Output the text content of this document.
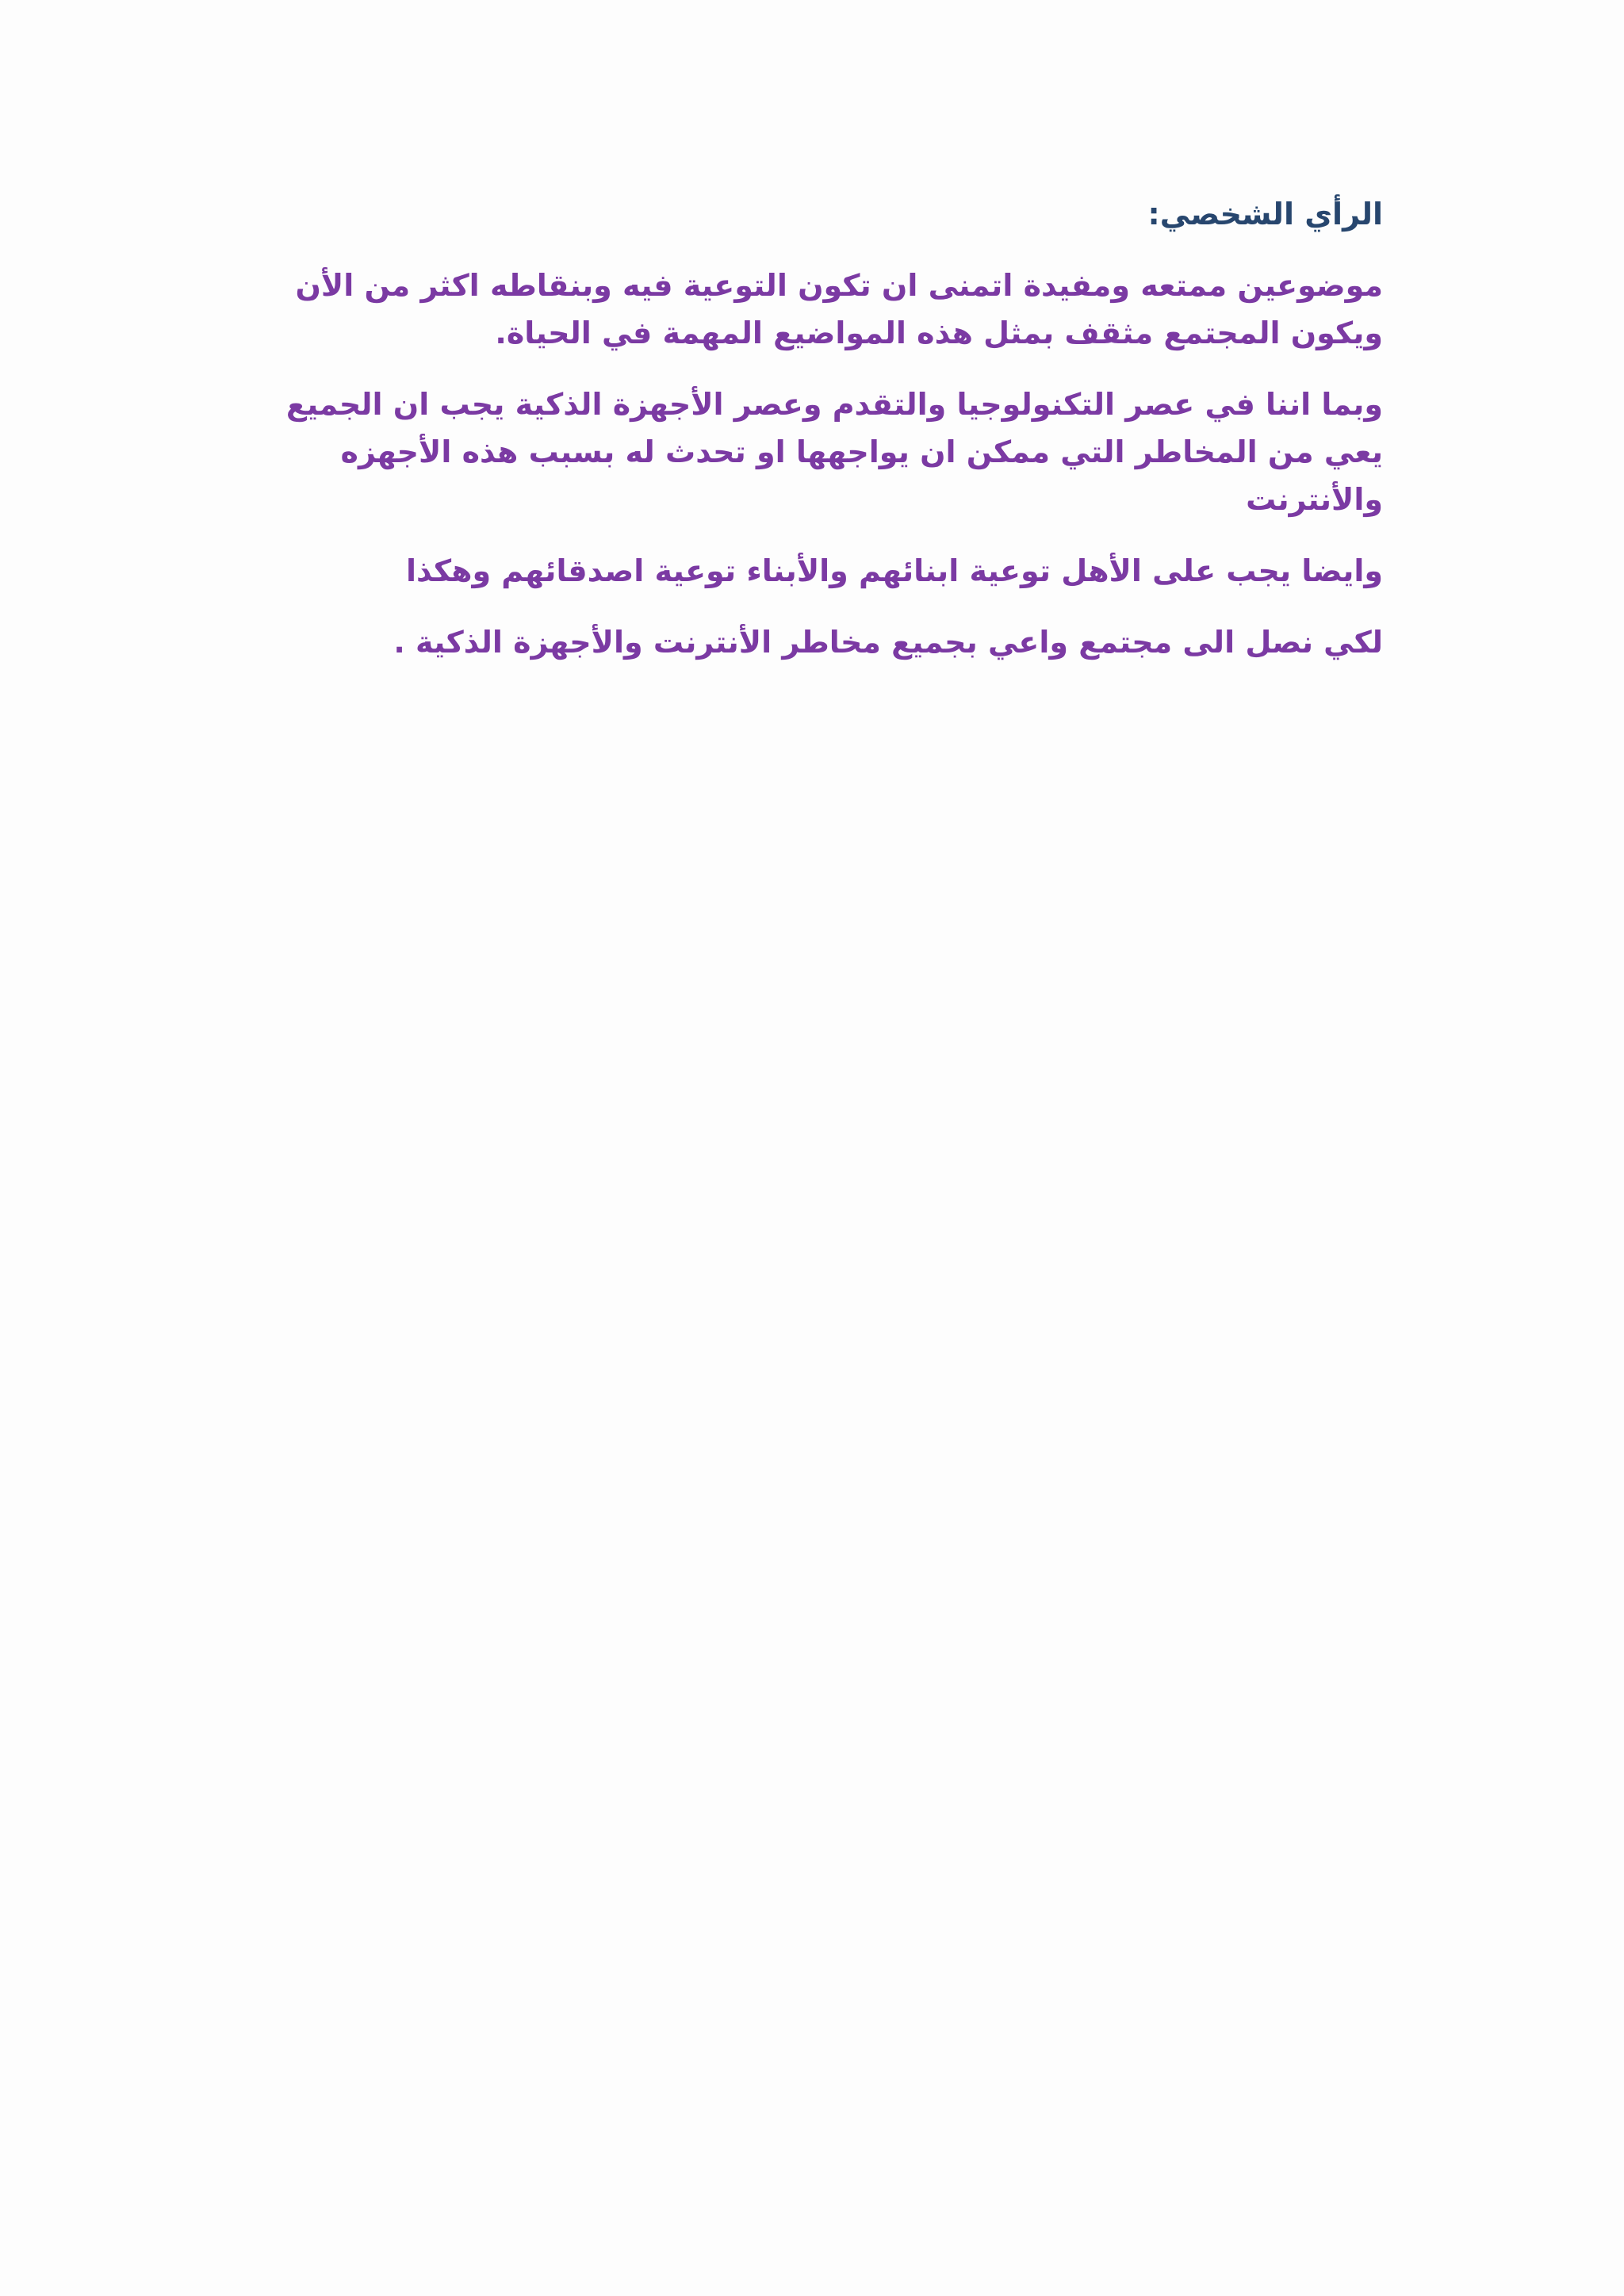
الرأي الشخصي:

موضوعين ممتعه ومفيدة اتمنى ان تكون التوعية فيه وبنقاطه اكثر من الأن
ويكون المجتمع مثقف بمثل هذه المواضيع المهمة في الحياة.

وبما اننا في عصر التكنولوجيا والتقدم وعصر الأجهزة الذكية يجب ان الجميع
يعي من المخاطر التي ممكن ان يواجهها او تحدث له بسبب هذه الأجهزه
والأنترنت

وايضا يجب على الأهل توعية ابنائهم والأبناء توعية اصدقائهم وهكذا

لكي نصل الى مجتمع واعي بجميع مخاطر الأنترنت والأجهزة الذكية .
